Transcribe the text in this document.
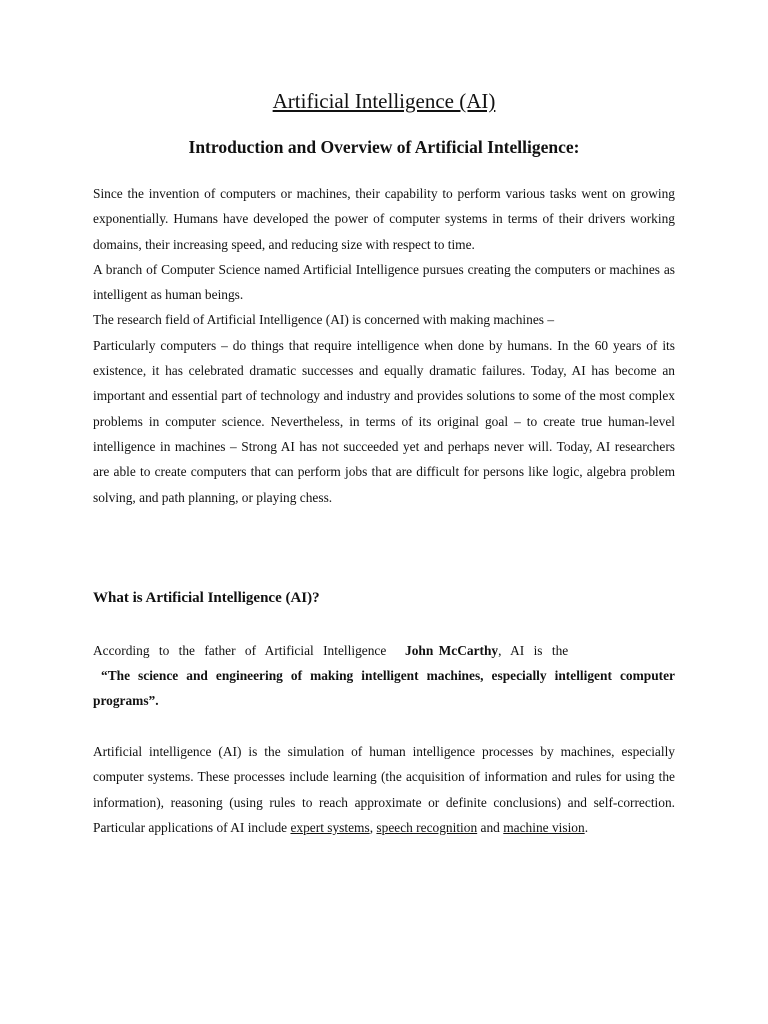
Artificial Intelligence (AI)
Introduction and Overview of Artificial Intelligence:

Since the invention of computers or machines, their capability to perform various tasks went on growing exponentially. Humans have developed the power of computer systems in terms of their drivers working domains, their increasing speed, and reducing size with respect to time.

A branch of Computer Science named Artificial Intelligence pursues creating the computers or machines as intelligent as human beings.

The research field of Artificial Intelligence (AI) is concerned with making machines –

Particularly computers – do things that require intelligence when done by humans. In the 60 years of its existence, it has celebrated dramatic successes and equally dramatic failures. Today, AI has become an important and essential part of technology and industry and provides solutions to some of the most complex problems in computer science. Nevertheless, in terms of its original goal – to create true human-level intelligence in machines – Strong AI has not succeeded yet and perhaps never will. Today, AI researchers are able to create computers that can perform jobs that are difficult for persons like logic, algebra problem solving, and path planning, or playing chess.

What is Artificial Intelligence (AI)?

According to the father of Artificial Intelligence John McCarthy, AI is the

“The science and engineering of making intelligent machines, especially intelligent computer programs”.

Artificial intelligence (AI) is the simulation of human intelligence processes by machines, especially computer systems. These processes include learning (the acquisition of information and rules for using the information), reasoning (using rules to reach approximate or definite conclusions) and self-correction. Particular applications of AI include expert systems, speech recognition and machine vision.
